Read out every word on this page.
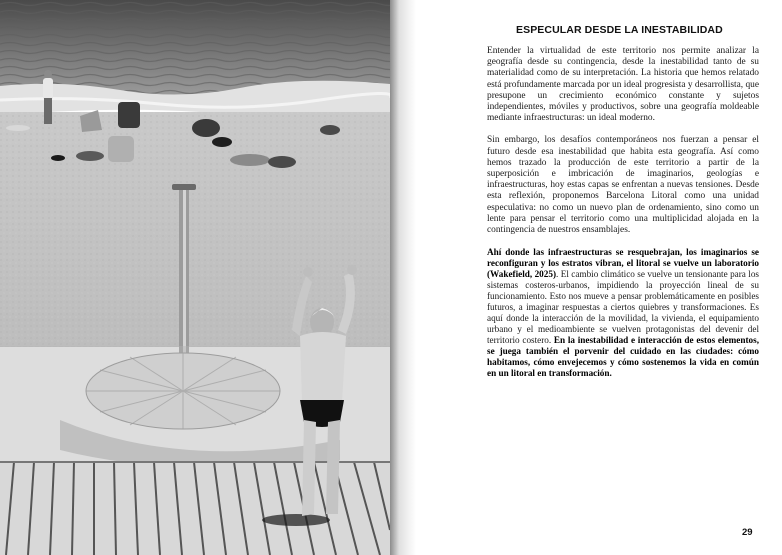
ESPECULAR DESDE LA INESTABILIDAD

Entender la virtualidad de este territorio nos permite analizar la geografía desde su contingencia, desde la inestabilidad tanto de su materialidad como de su interpretación. La historia que hemos relatado está profundamente marcada por un ideal progresista y desarrollista, que presupone un crecimiento económico constante y sujetos independientes, móviles y productivos, sobre una geografía moldeable mediante infraestructuras: un ideal moderno.

Sin embargo, los desafíos contemporáneos nos fuerzan a pensar el futuro desde esa inestabilidad que habita esta geografía. Así como hemos trazado la producción de este territorio a partir de la superposición e imbricación de imaginarios, geologías e infraestructuras, hoy estas capas se enfrentan a nuevas tensiones. Desde esta reflexión, proponemos Barcelona Litoral como una unidad especulativa: no como un nuevo plan de ordenamiento, sino como un lente para pensar el territorio como una multiplicidad alojada en la contingencia de nuestros ensamblajes.

Ahí donde las infraestructuras se resquebrajan, los imaginarios se reconfiguran y los estratos vibran, el litoral se vuelve un laboratorio (Wakefield, 2025). El cambio climático se vuelve un tensionante para los sistemas costeros-urbanos, impidiendo la proyección lineal de su funcionamiento. Esto nos mueve a pensar problemáticamente en posibles futuros, a imaginar respuestas a ciertos quiebres y transformaciones. Es aquí donde la interacción de la movilidad, la vivienda, el equipamiento urbano y el medioambiente se vuelven protagonistas del devenir del territorio costero. En la inestabilidad e interacción de estos elementos, se juega también el porvenir del cuidado en las ciudades: cómo habitamos, cómo envejecemos y cómo sostenemos la vida en común en un litoral en transformación.

29
